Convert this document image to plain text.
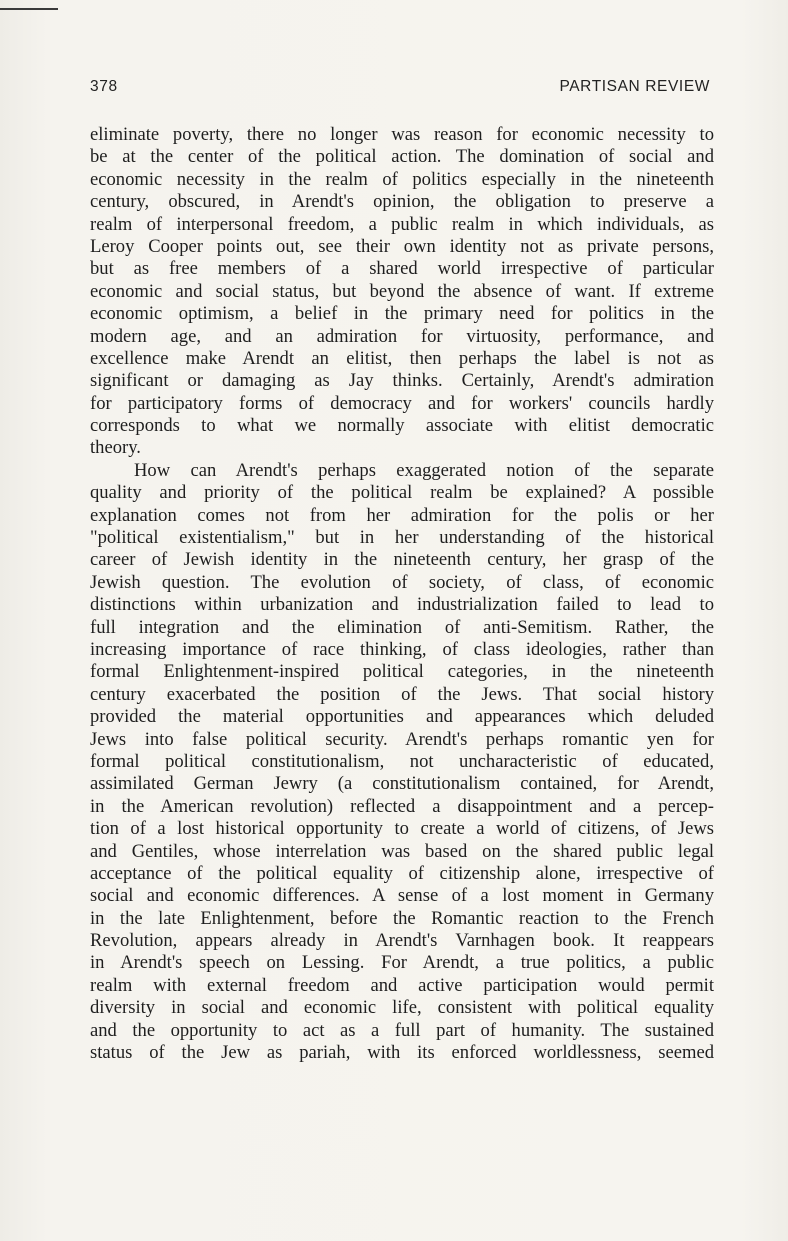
378	PARTISAN REVIEW
eliminate poverty, there no longer was reason for economic necessity to
be at the center of the political action. The domination of social and
economic necessity in the realm of politics especially in the nineteenth
century, obscured, in Arendt's opinion, the obligation to preserve a
realm of interpersonal freedom, a public realm in which individuals, as
Leroy Cooper points out, see their own identity not as private persons,
but as free members of a shared world irrespective of particular
economic and social status, but beyond the absence of want. If extreme
economic optimism, a belief in the primary need for politics in the
modern age, and an admiration for virtuosity, performance, and
excellence make Arendt an elitist, then perhaps the label is not as
significant or damaging as Jay thinks. Certainly, Arendt's admiration
for participatory forms of democracy and for workers' councils hardly
corresponds to what we normally associate with elitist democratic
theory.
How can Arendt's perhaps exaggerated notion of the separate
quality and priority of the political realm be explained? A possible
explanation comes not from her admiration for the polis or her
"political existentialism," but in her understanding of the historical
career of Jewish identity in the nineteenth century, her grasp of the
Jewish question. The evolution of society, of class, of economic
distinctions within urbanization and industrialization failed to lead to
full integration and the elimination of anti-Semitism. Rather, the
increasing importance of race thinking, of class ideologies, rather than
formal Enlightenment-inspired political categories, in the nineteenth
century exacerbated the position of the Jews. That social history
provided the material opportunities and appearances which deluded
Jews into false political security. Arendt's perhaps romantic yen for
formal political constitutionalism, not uncharacteristic of educated,
assimilated German Jewry (a constitutionalism contained, for Arendt,
in the American revolution) reflected a disappointment and a percep-
tion of a lost historical opportunity to create a world of citizens, of Jews
and Gentiles, whose interrelation was based on the shared public legal
acceptance of the political equality of citizenship alone, irrespective of
social and economic differences. A sense of a lost moment in Germany
in the late Enlightenment, before the Romantic reaction to the French
Revolution, appears already in Arendt's Varnhagen book. It reappears
in Arendt's speech on Lessing. For Arendt, a true politics, a public
realm with external freedom and active participation would permit
diversity in social and economic life, consistent with political equality
and the opportunity to act as a full part of humanity. The sustained
status of the Jew as pariah, with its enforced worldlessness, seemed
